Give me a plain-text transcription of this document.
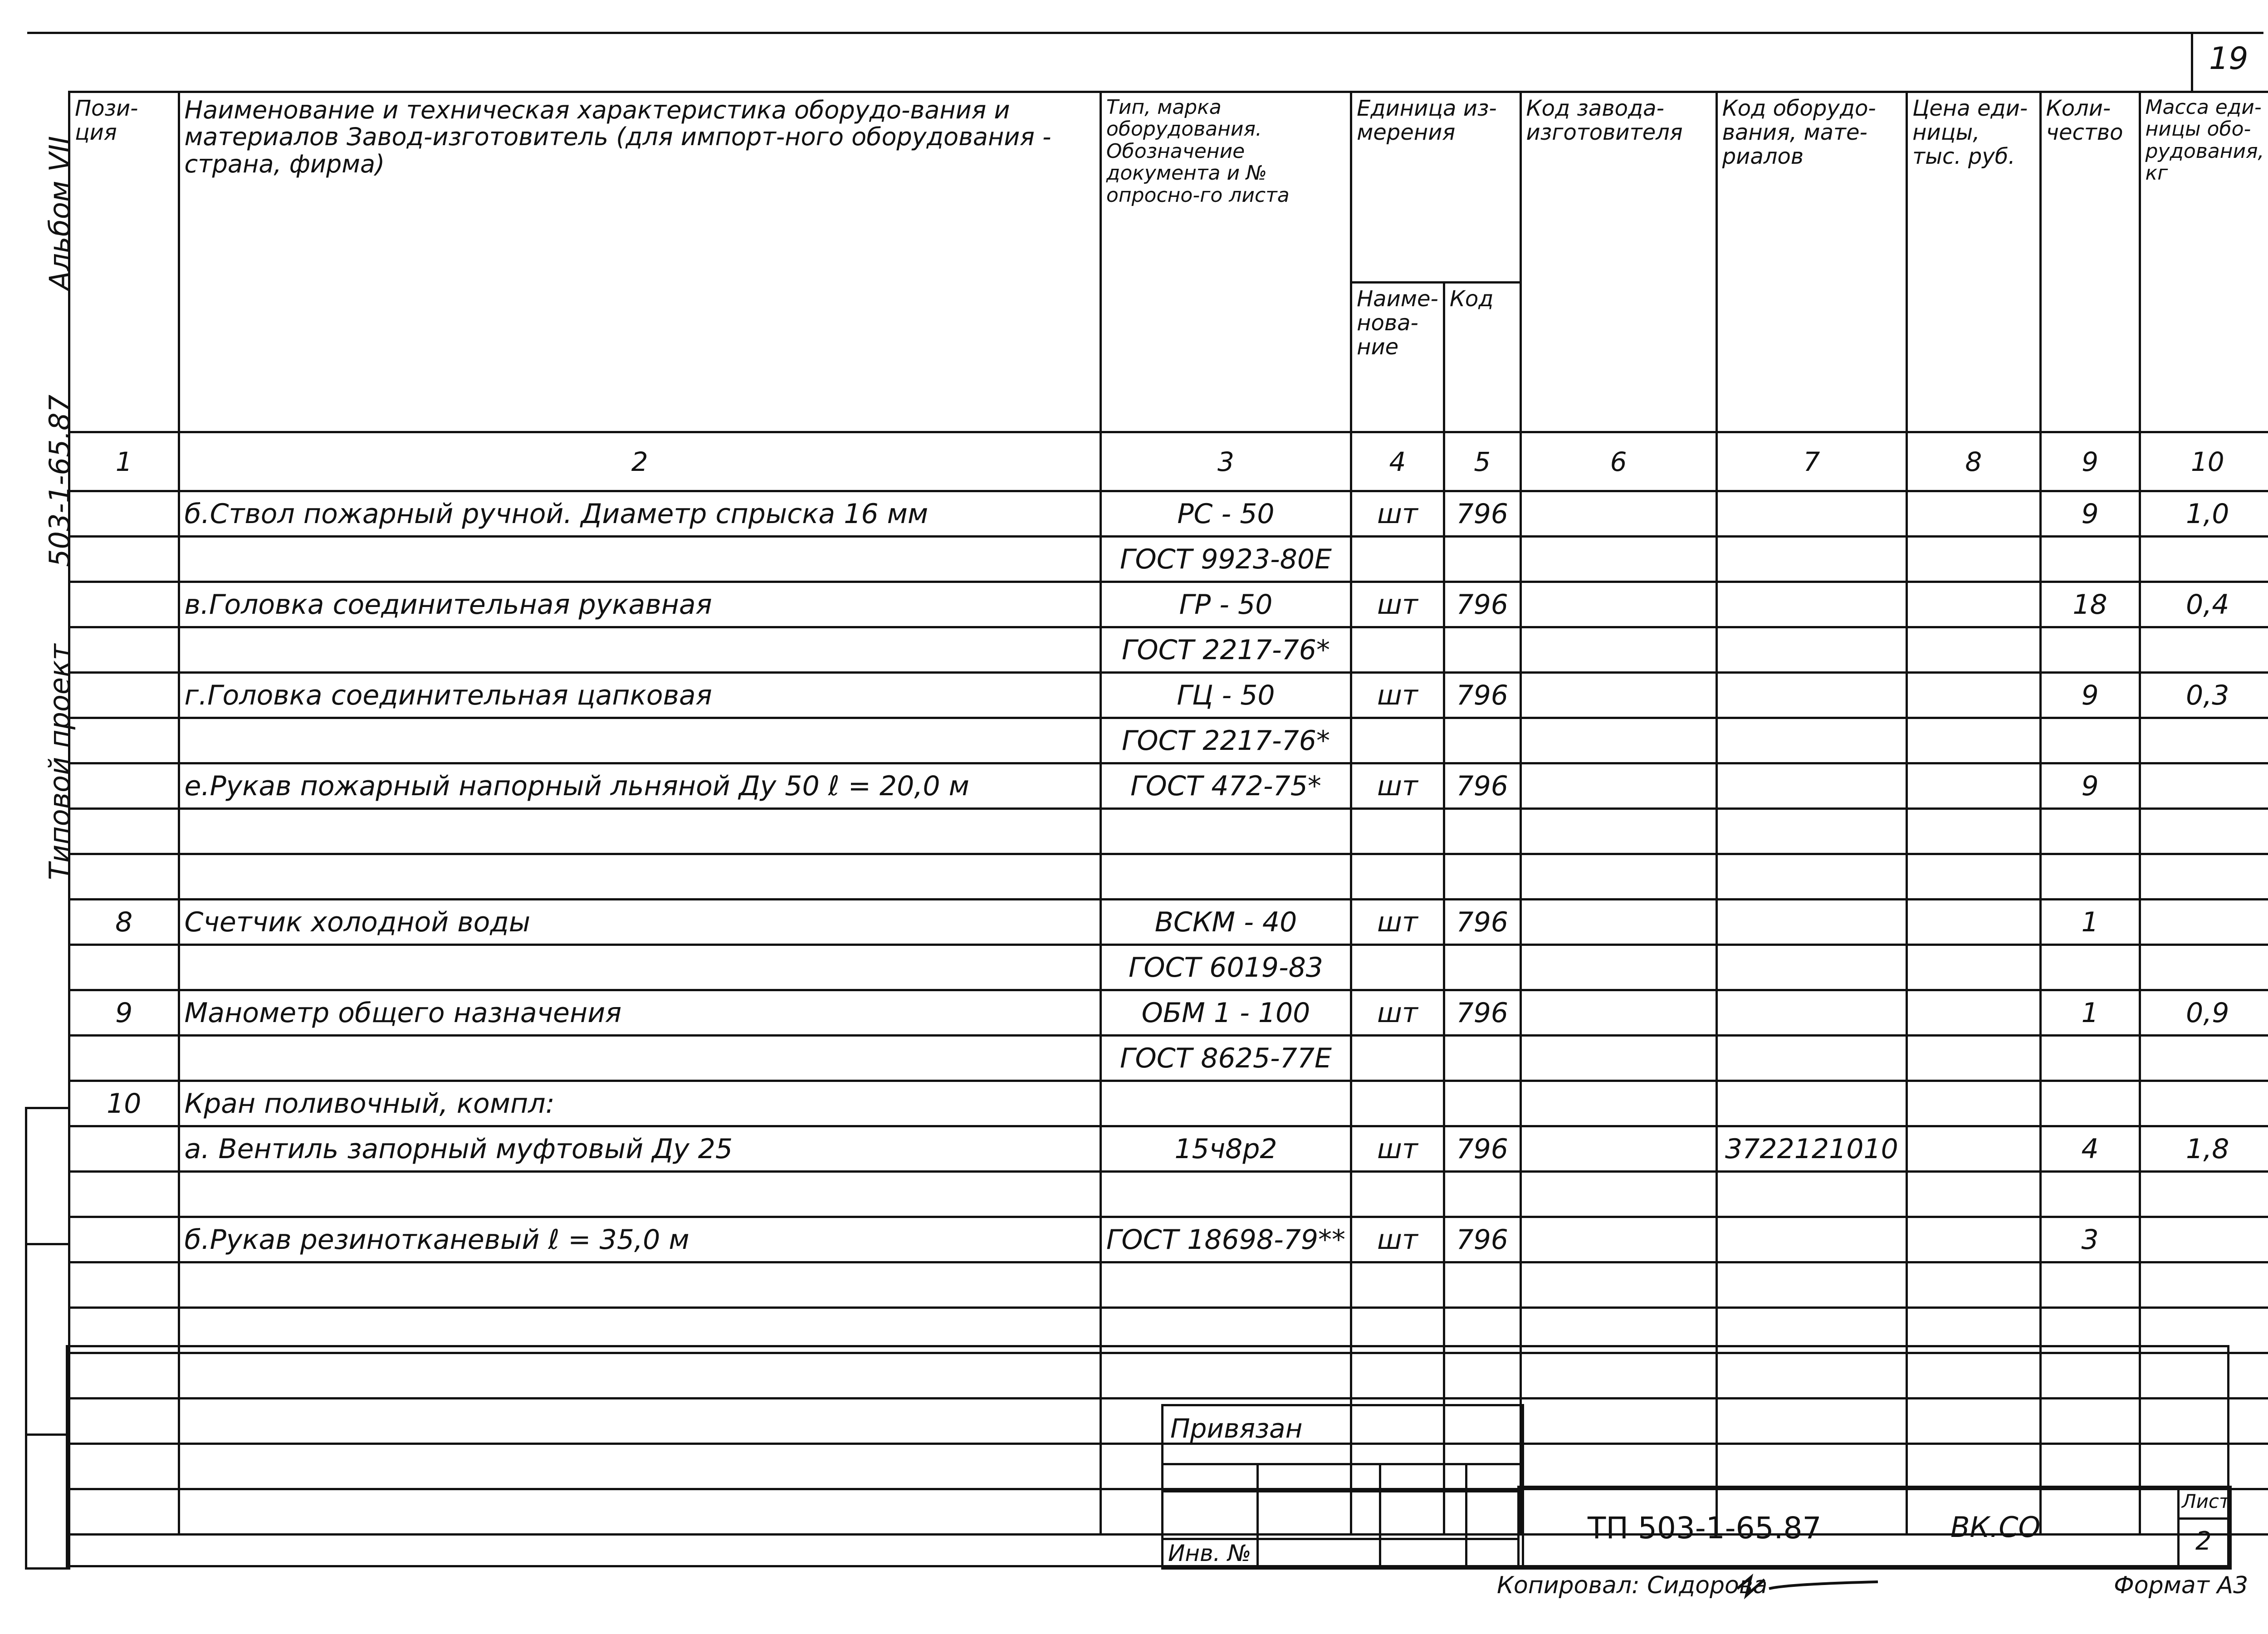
19
Альбом VII
503-1-65.87
Типовой проект
Пози-ция	Наименование и техническая характеристика оборудо-вания и материалов Завод-изготовитель (для импорт-ного оборудования - страна, фирма)	Тип, марка оборудования. Обозначение документа и № опросно-го листа	Единица из-мерения		Код завода-изготовителя	Код оборудо-вания, мате-риалов	Цена еди-ницы, тыс. руб.	Коли-чество	Масса еди-ницы обо-рудования, кг
			Наиме-нова-ние	Код					
1	2	3	4	5	6	7	8	9	10
	б.Ствол пожарный ручной. Диаметр спрыска 16 мм	РС - 50	шт	796				9	1,0
		ГОСТ 9923-80Е							
	в.Головка соединительная рукавная	ГР - 50	шт	796				18	0,4
		ГОСТ 2217-76*							
	г.Головка соединительная цапковая	ГЦ - 50	шт	796				9	0,3
		ГОСТ 2217-76*							
	е.Рукав пожарный напорный льняной Ду 50 ℓ = 20,0 м	ГОСТ 472-75*	шт	796				9	

8	Счетчик холодной воды	ВСКМ - 40	шт	796				1	
		ГОСТ 6019-83							
9	Манометр общего назначения	ОБМ 1 - 100	шт	796				1	0,9
		ГОСТ 8625-77Е							
10	Кран поливочный, компл:								
	а. Вентиль запорный муфтовый Ду 25	15ч8р2	шт	796		3722121010		4	1,8

	б.Рукав резинотканевый ℓ = 35,0 м	ГОСТ 18698-79**	шт	796				3	

Привязан
Инв. №
ТП 503-1-65.87	ВК.СО
Лист
2
Копировал: Сидорова	Формат А3
